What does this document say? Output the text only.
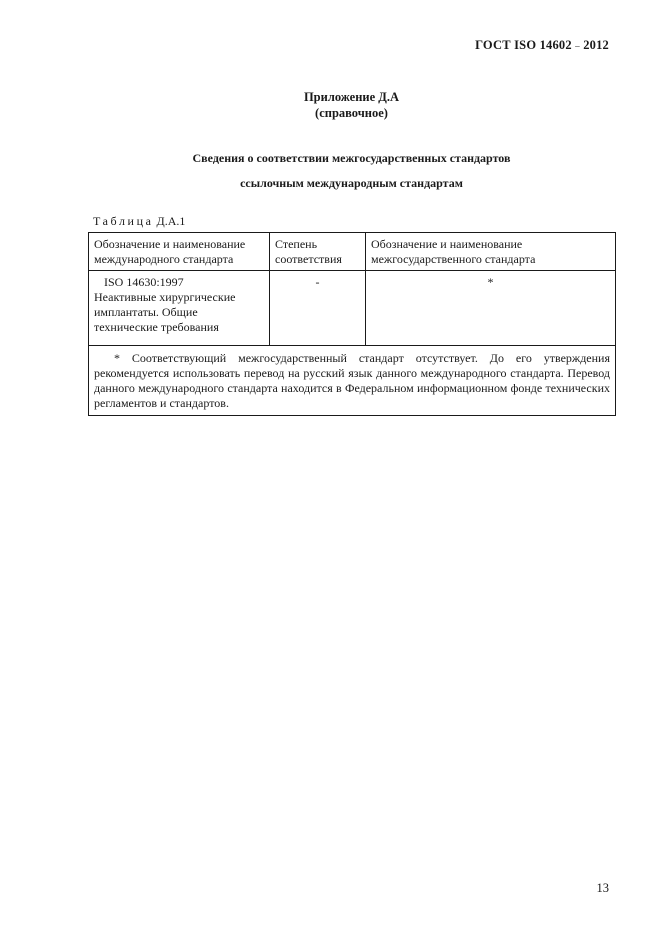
ГОСТ ISO 14602 – 2012
Приложение Д.А
(справочное)
Сведения о соответствии межгосударственных стандартов
ссылочным международным стандартам
Таблица Д.А.1
Обозначение и наименование международного стандарта	Степень соответствия	Обозначение и наименование межгосударственного стандарта

ISO 14630:1997
Неактивные хирургические имплантаты. Общие технические требования	-	*

* Соответствующий межгосударственный стандарт отсутствует. До его утверждения рекомендуется использовать перевод на русский язык данного международного стандарта. Перевод данного международного стандарта находится в Федеральном информационном фонде технических регламентов и стандартов.		
13
